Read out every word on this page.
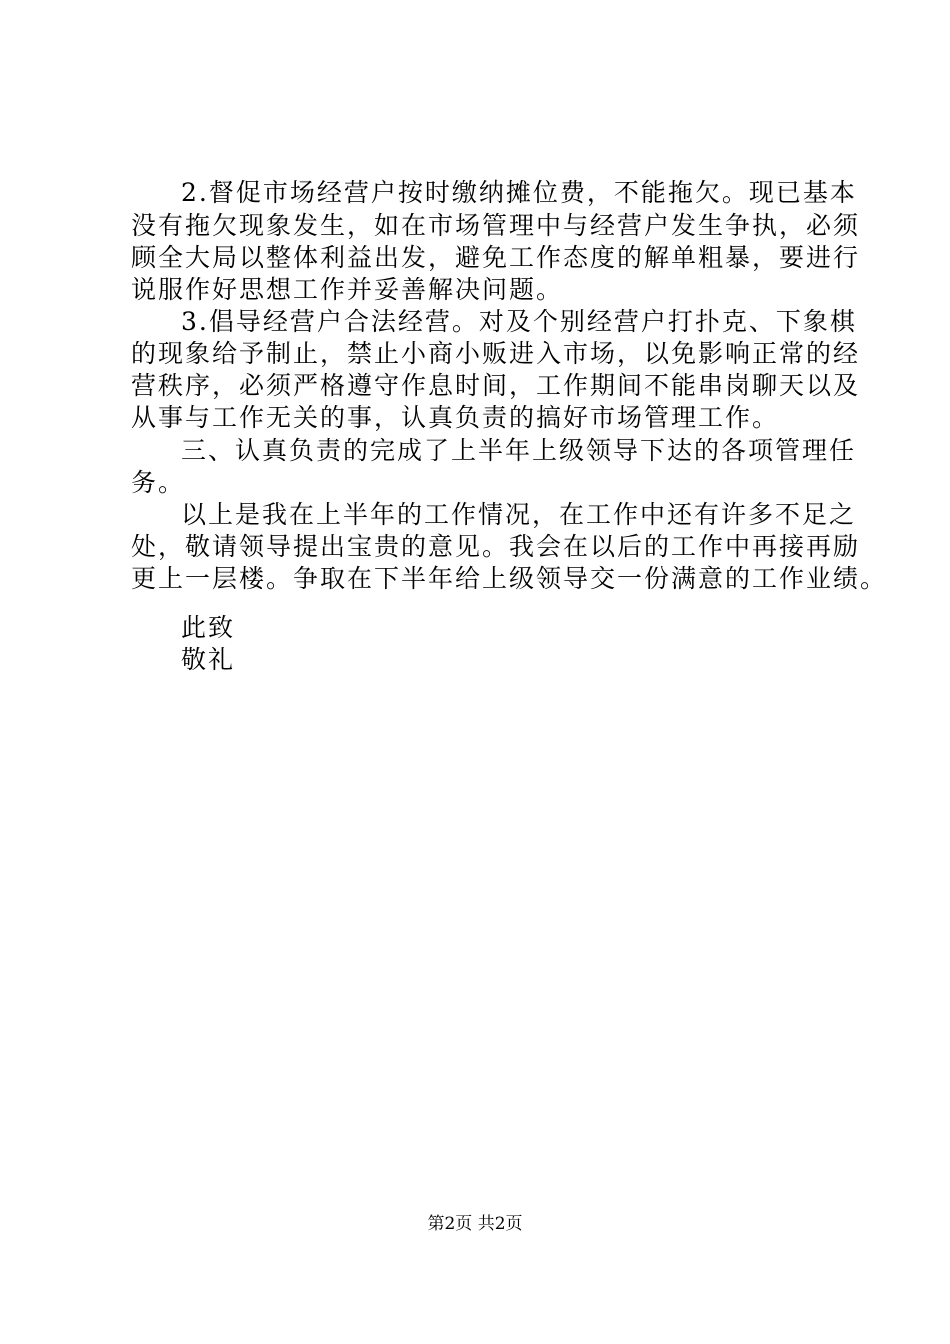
2.督促市场经营户按时缴纳摊位费，不能拖欠。现已基本
没有拖欠现象发生，如在市场管理中与经营户发生争执，必须
顾全大局以整体利益出发，避免工作态度的解单粗暴，要进行
说服作好思想工作并妥善解决问题。
3.倡导经营户合法经营。对及个别经营户打扑克、下象棋
的现象给予制止，禁止小商小贩进入市场，以免影响正常的经
营秩序，必须严格遵守作息时间，工作期间不能串岗聊天以及
从事与工作无关的事，认真负责的搞好市场管理工作。
三、认真负责的完成了上半年上级领导下达的各项管理任
务。
以上是我在上半年的工作情况，在工作中还有许多不足之
处，敬请领导提出宝贵的意见。我会在以后的工作中再接再励
更上一层楼。争取在下半年给上级领导交一份满意的工作业绩。
此致
敬礼
第2页 共2页
